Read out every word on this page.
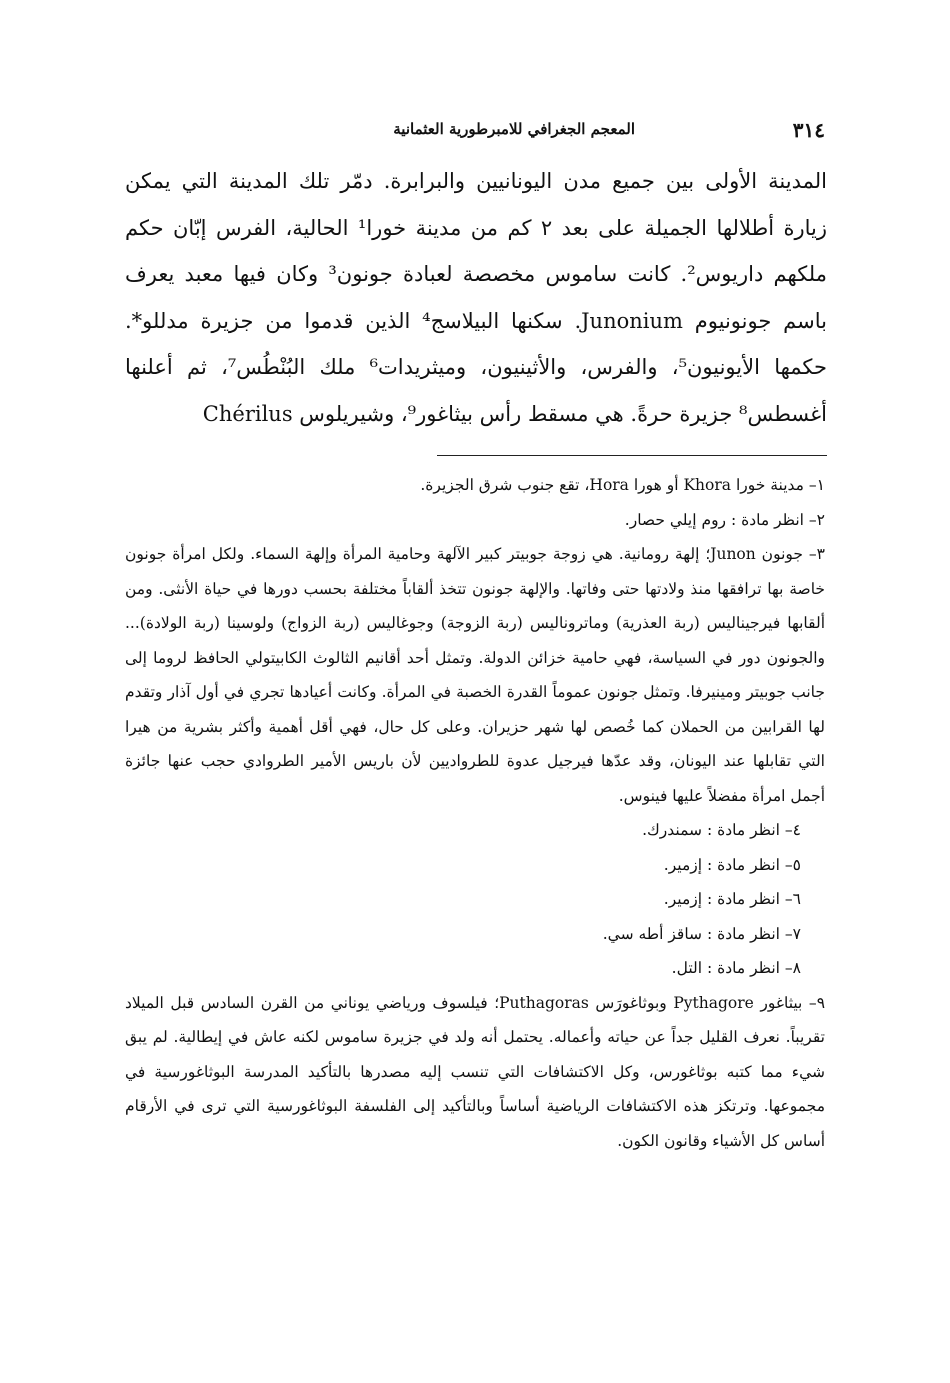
٣١٤
المعجم الجغرافي للامبرطورية العثمانية

المدينة الأولى بين جميع مدن اليونانيين والبرابرة. دمّر تلك المدينة التي يمكن زيارة أطلالها الجميلة على بعد ٢ كم من مدينة خورا¹ الحالية، الفرس إبّان حكم ملكهم داريوس². كانت ساموس مخصصة لعبادة جونون³ وكان فيها معبد يعرف باسم جونونيوم Junonium. سكنها البيلاسج⁴ الذين قدموا من جزيرة مدللو*. حكمها الأيونيون⁵، والفرس، والأثينيون، وميثريدات⁶ ملك البُنْطُس⁷، ثم أعلنها أغسطس⁸ جزيرة حرةً. هي مسقط رأس بيثاغور⁹، وشيريلوس Chérilus

١– مدينة خورا Khora أو هورا Hora، تقع جنوب شرق الجزيرة.

٢– انظر مادة : روم إيلي حصار.

٣– جونون Junon؛ إلهة رومانية. هي زوجة جوبيتر كبير الآلهة وحامية المرأة وإلهة السماء. ولكل امرأة جونون خاصة بها ترافقها منذ ولادتها حتى وفاتها. والإلهة جونون تتخذ ألقاباً مختلفة بحسب دورها في حياة الأنثى. ومن ألقابها فيرجيناليس (ربة العذرية) وماتروناليس (ربة الزوجة) وجوغاليس (ربة الزواج) ولوسينا (ربة الولادة)... والجونون دور في السياسة، فهي حامية خزائن الدولة. وتمثل أحد أقانيم الثالوث الكابيتولي الحافظ لروما إلى جانب جوبيتر ومينيرفا. وتمثل جونون عموماً القدرة الخصبة في المرأة. وكانت أعيادها تجري في أول آذار وتقدم لها القرابين من الحملان كما خُصص لها شهر حزيران. وعلى كل حال، فهي أقل أهمية وأكثر بشرية من هيرا التي تقابلها عند اليونان، وقد عدّها فيرجيل عدوة للطرواديين لأن باريس الأمير الطروادي حجب عنها جائزة أجمل امرأة مفضلاً عليها فينوس.

٤– انظر مادة : سمندرك.

٥– انظر مادة : إزمير.

٦– انظر مادة : إزمير.

٧– انظر مادة : ساقز أطه سي.

٨– انظر مادة : التل.

٩– بيثاغور Pythagore وبوثاغورَس Puthagoras؛ فيلسوف ورياضي يوناني من القرن السادس قبل الميلاد تقريباً. نعرف القليل جداً عن حياته وأعماله. يحتمل أنه ولد في جزيرة ساموس لكنه عاش في إيطالية. لم يبق شيء مما كتبه بوثاغورس، وكل الاكتشافات التي تنسب إليه مصدرها بالتأكيد المدرسة البوثاغورسية في مجموعها. وترتكز هذه الاكتشافات الرياضية أساساً وبالتأكيد إلى الفلسفة البوثاغورسية التي ترى في الأرقام أساس كل الأشياء وقانون الكون.
